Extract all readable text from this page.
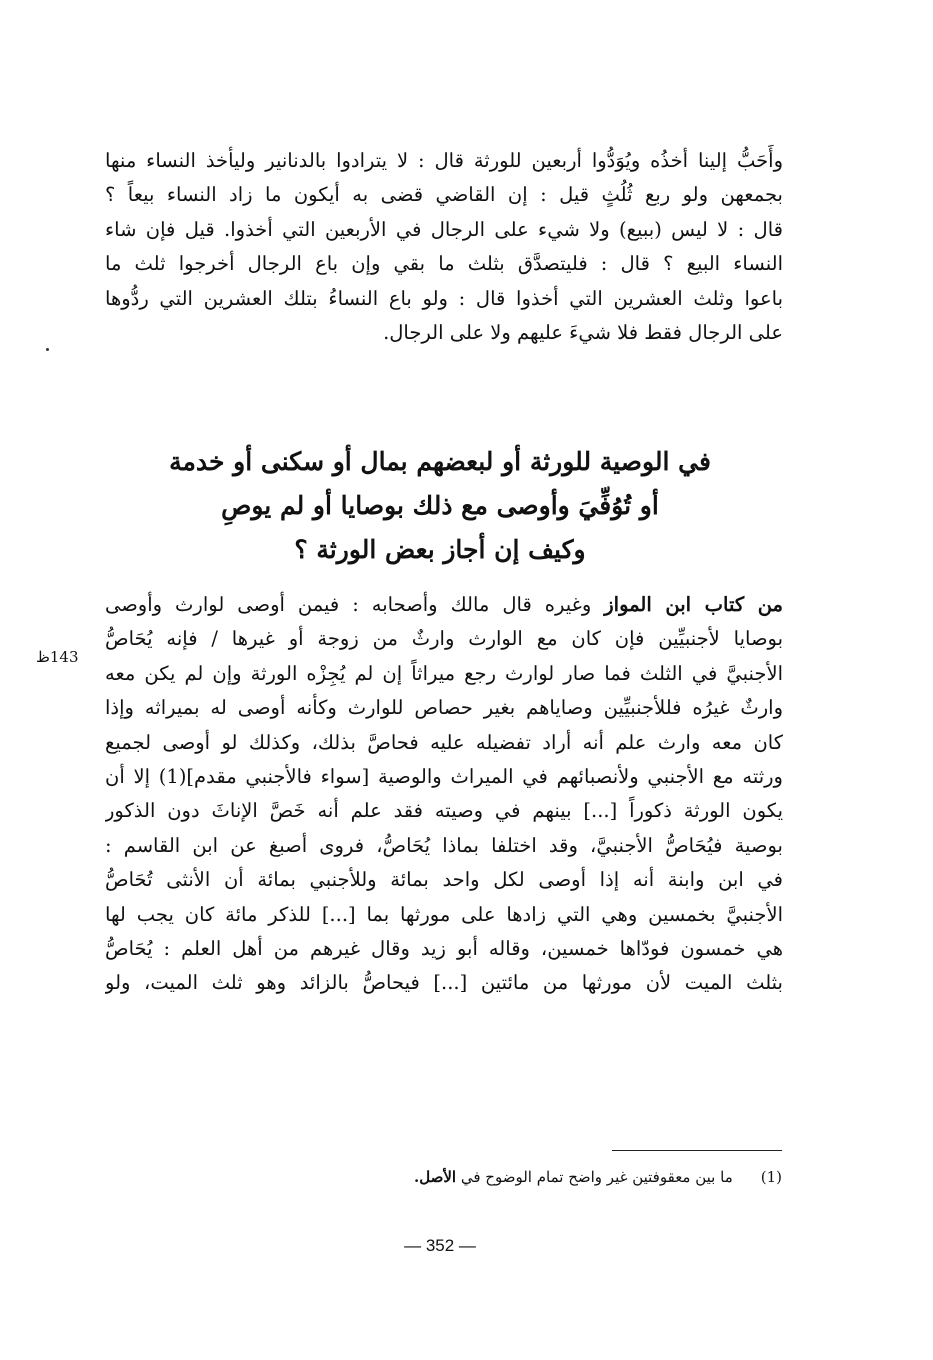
وأَحَبُّ إلينا أخذُه ويُوَدُّوا أربعين للورثة قال : لا يترادوا بالدنانير وليأخذ النساء منها
بجمعهن ولو ربع ثُلُثٍ قيل : إن القاضي قضى به أيكون ما زاد النساء بيعاً ؟
قال : لا ليس (ببيع) ولا شيء على الرجال في الأربعين التي أخذوا. قيل فإن شاء
النساء البيع ؟ قال : فليتصدَّق بثلث ما بقي وإن باع الرجال أخرجوا ثلث ما
باعوا وثلث العشرين التي أخذوا قال : ولو باع النساءُ بتلك العشرين التي ردُّوها
على الرجال فقط فلا شيءَ عليهم ولا على الرجال.
في الوصية للورثة أو لبعضهم بمال أو سكنى أو خدمة
أو تُوُفِّيَ وأوصى مع ذلك بوصايا أو لم يوصِ
وكيف إن أجاز بعض الورثة ؟
143ظ
من كتاب ابن المواز وغيره قال مالك وأصحابه : فيمن أوصى لوارث وأوصى
بوصايا لأجنبيِّين فإن كان مع الوارث وارثٌ من زوجة أو غيرها / فإنه يُحَاصُّ
الأجنبيَّ في الثلث فما صار لوارث رجع ميراثاً إن لم يُجِزْه الورثة وإن لم يكن معه
وارثٌ غيرُه فللأجنبيِّين وصاياهم بغير حصاص للوارث وكأنه أوصى له بميراثه وإذا
كان معه وارث علم أنه أراد تفضيله عليه فحاصَّ بذلك، وكذلك لو أوصى لجميع
ورثته مع الأجنبي ولأنصبائهم في الميراث والوصية [سواء فالأجنبي مقدم](1) إلا أن
يكون الورثة ذكوراً [...] بينهم في وصيته فقد علم أنه خَصَّ الإناثَ دون الذكور
بوصية فيُحَاصُّ الأجنبيَّ، وقد اختلفا بماذا يُحَاصُّ، فروى أصبغ عن ابن القاسم :
في ابن وابنة أنه إذا أوصى لكل واحد بمائة وللأجنبي بمائة أن الأنثى تُحَاصُّ
الأجنبيَّ بخمسين وهي التي زادها على مورثها بما [...] للذكر مائة كان يجب لها
هي خمسون فودّاها خمسين، وقاله أبو زيد وقال غيرهم من أهل العلم : يُحَاصُّ
بثلث الميت لأن مورثها من مائتين [...] فيحاصُّ بالزائد وهو ثلث الميت، ولو
(1)ما بين معقوفتين غير واضح تمام الوضوح في الأصل.
— 352 —
